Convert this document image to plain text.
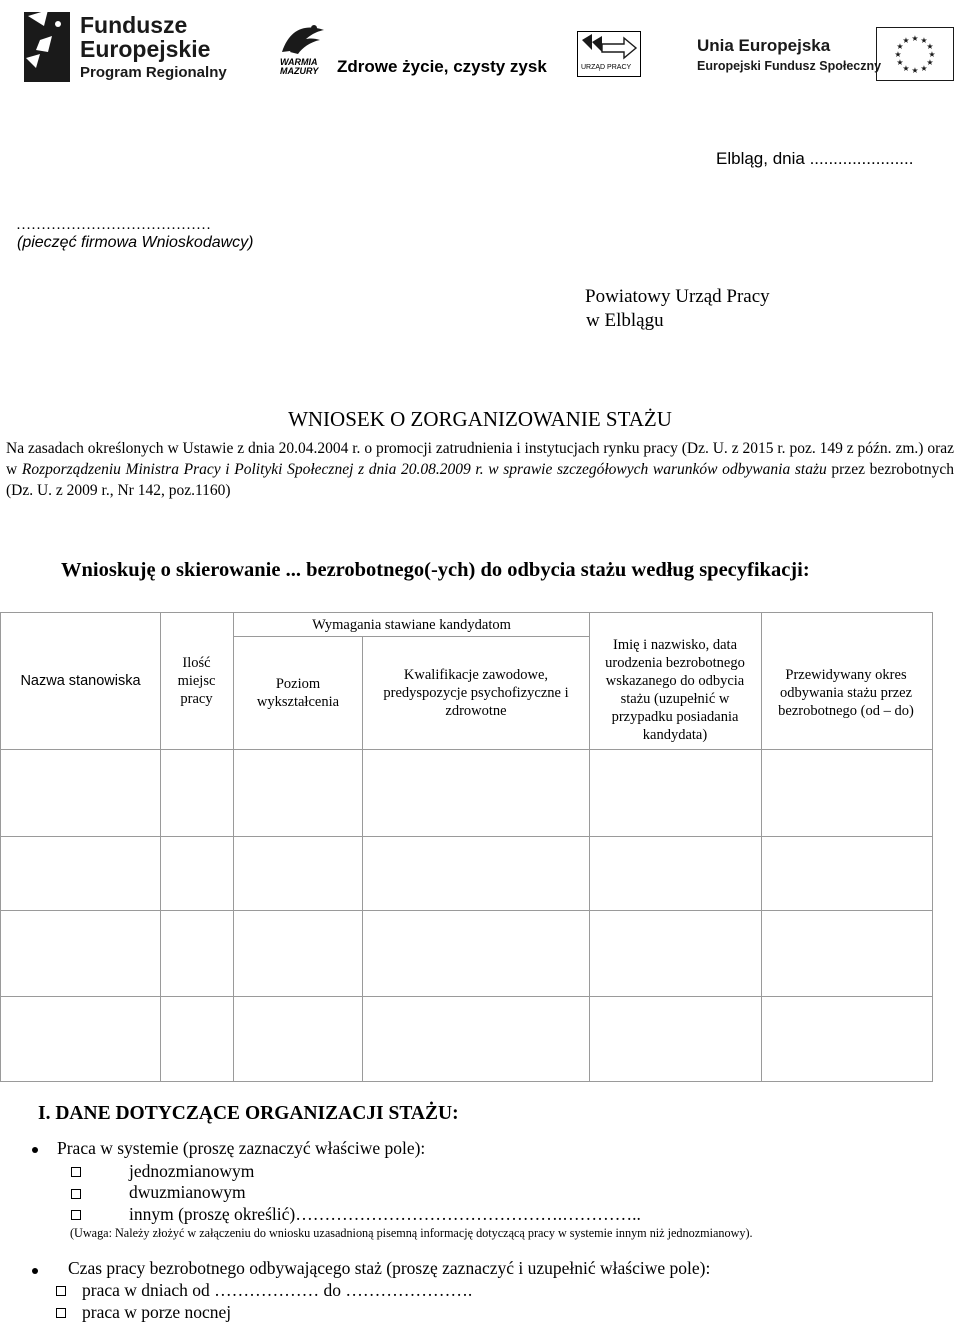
Fundusze
Europejskie
Program Regionalny
WARMIA
MAZURY Zdrowe życie, czysty zysk	URZĄD PRACY
Unia Europejska
Europejski Fundusz Społeczny
★ ★
★
★
★
★
★
★
★
★
★
★
Elbląg, dnia ......................
…………………………………
(pieczęć firmowa Wnioskodawcy)
Powiatowy Urząd Pracy
w Elblągu
WNIOSEK O ZORGANIZOWANIE STAŻU
Na zasadach określonych w Ustawie z dnia 20.04.2004 r. o promocji zatrudnienia i instytucjach rynku pracy (Dz. U. z 2015 r. poz. 149 z późn. zm.) oraz w Rozporządzeniu Ministra Pracy i Polityki Społecznej z dnia 20.08.2009 r. w sprawie szczegółowych warunków odbywania stażu przez bezrobotnych (Dz. U. z 2009 r., Nr 142, poz.1160)
Wnioskuję o skierowanie ... bezrobotnego(-ych) do odbycia stażu według specyfikacji:
Nazwa stanowiska
Ilość miejsc pracy
Wymagania stawiane kandydatom
Poziom wykształcenia
Kwalifikacje zawodowe, predyspozycje psychofizyczne i zdrowotne
Imię i nazwisko, data urodzenia bezrobotnego wskazanego do odbycia stażu (uzupełnić w przypadku posiadania kandydata)
Przewidywany okres odbywania stażu przez bezrobotnego (od – do)
I. DANE DOTYCZĄCE ORGANIZACJI STAŻU:
Praca w systemie (proszę zaznaczyć właściwe pole):
jednozmianowym
dwuzmianowym
innym (proszę określić)……………………………………….…………..
(Uwaga: Należy złożyć w załączeniu do wniosku uzasadnioną pisemną informację dotyczącą pracy w systemie innym niż jednozmianowy).
Czas pracy bezrobotnego odbywającego staż (proszę zaznaczyć i uzupełnić właściwe pole):
praca w dniach od ……………… do ………………….
praca w porze nocnej
